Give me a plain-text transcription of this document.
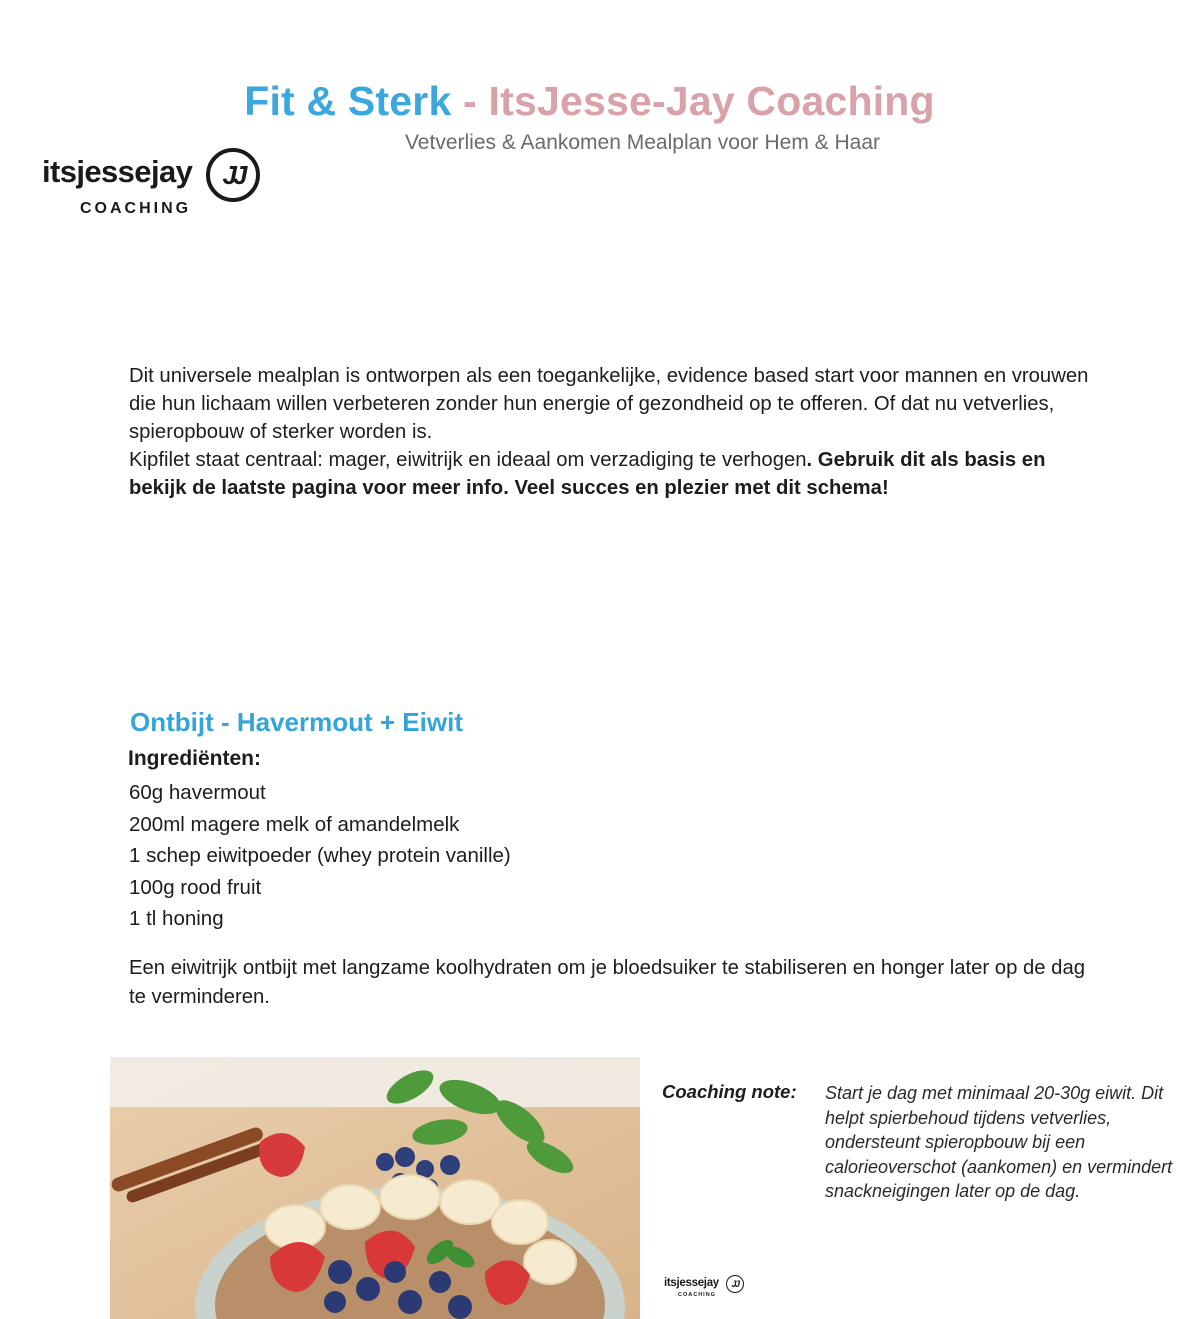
Fit & Sterk - ItsJesse-Jay Coaching
Vetverlies & Aankomen Mealplan voor Hem & Haar
itsjessejay	JJ
COACHING

Dit universele mealplan is ontworpen als een toegankelijke, evidence based start voor mannen en vrouwen die hun lichaam willen verbeteren zonder hun energie of gezondheid op te offeren. Of dat nu vetverlies, spieropbouw of sterker worden is.

Kipfilet staat centraal: mager, eiwitrijk en ideaal om verzadiging te verhogen. Gebruik dit als basis en bekijk de laatste pagina voor meer info. Veel succes en plezier met dit schema!

Ontbijt - Havermout + Eiwit
Ingrediënten:
60g havermout
200ml magere melk of amandelmelk
1 schep eiwitpoeder (whey protein vanille)
100g rood fruit
1 tl honing
Een eiwitrijk ontbijt met langzame koolhydraten om je bloedsuiker te stabiliseren en honger later op de dag te verminderen.
Coaching note: Start je dag met minimaal 20-30g eiwit. Dit helpt spierbehoud tijdens vetverlies, ondersteunt spieropbouw bij een calorieoverschot (aankomen) en vermindert snackneigingen later op de dag.
itsjessejay	JJ
COACHING
